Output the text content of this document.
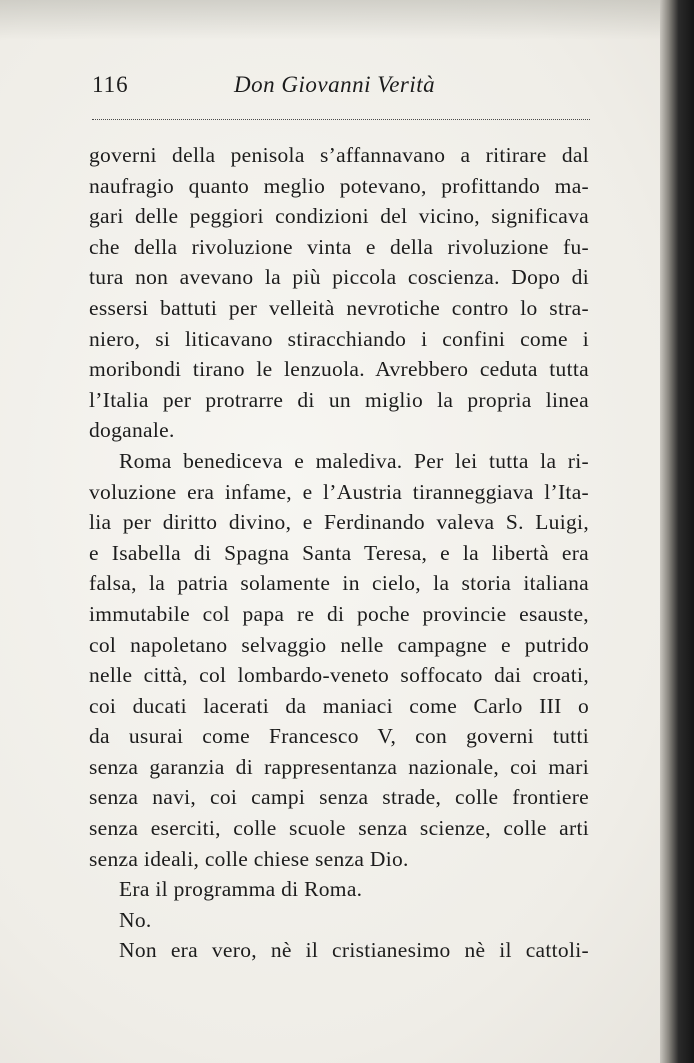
116	Don Giovanni Verità
governi della penisola s’affannavano a ritirare dal
naufragio quanto meglio potevano, profittando ma-
gari delle peggiori condizioni del vicino, significava
che della rivoluzione vinta e della rivoluzione fu-
tura non avevano la più piccola coscienza. Dopo di
essersi battuti per velleità nevrotiche contro lo stra-
niero, si liticavano stiracchiando i confini come i
moribondi tirano le lenzuola. Avrebbero ceduta tutta
l’Italia per protrarre di un miglio la propria linea
doganale.
Roma benediceva e malediva. Per lei tutta la ri-
voluzione era infame, e l’Austria tiranneggiava l’Ita-
lia per diritto divino, e Ferdinando valeva S. Luigi,
e Isabella di Spagna Santa Teresa, e la libertà era
falsa, la patria solamente in cielo, la storia italiana
immutabile col papa re di poche provincie esauste,
col napoletano selvaggio nelle campagne e putrido
nelle città, col lombardo-veneto soffocato dai croati,
coi ducati lacerati da maniaci come Carlo III o
da usurai come Francesco V, con governi tutti
senza garanzia di rappresentanza nazionale, coi mari
senza navi, coi campi senza strade, colle frontiere
senza eserciti, colle scuole senza scienze, colle arti
senza ideali, colle chiese senza Dio.
Era il programma di Roma.
No.
Non era vero, nè il cristianesimo nè il cattoli-
